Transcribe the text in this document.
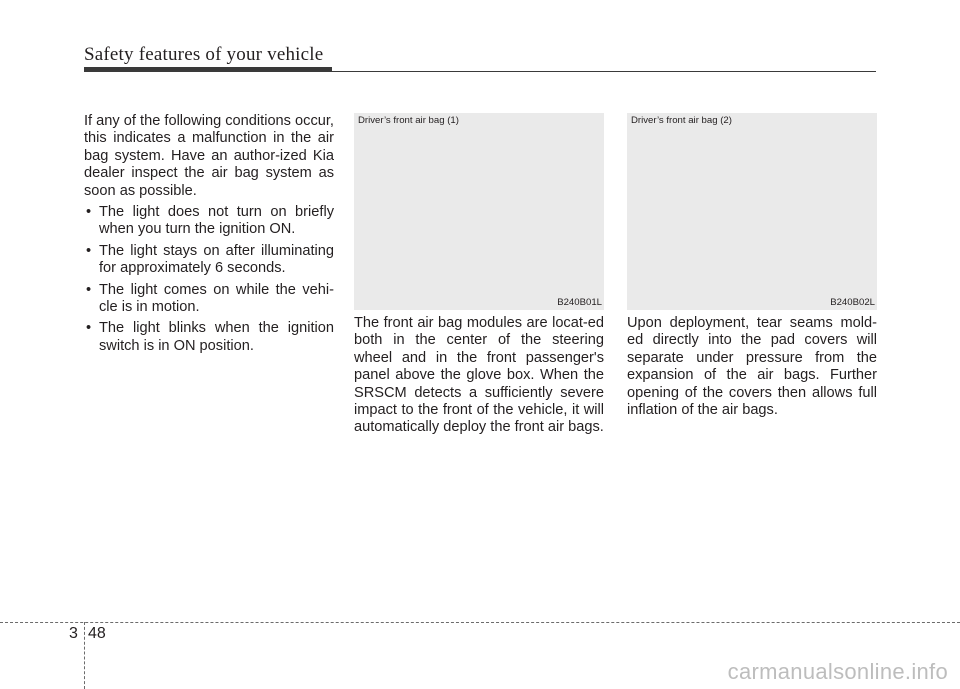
Safety features of your vehicle

If any of the following conditions occur, this indicates a malfunction in the air bag system. Have an author-ized Kia dealer inspect the air bag system as soon as possible.

• The light does not turn on briefly when you turn the ignition ON.
• The light stays on after illuminating for approximately 6 seconds.
• The light comes on while the vehi-cle is in motion.
• The light blinks when the ignition switch is in ON position.
Driver’s front air bag (1)
B240B01L
Driver’s front air bag (2)
B240B02L

The front air bag modules are locat-ed both in the center of the steering wheel and in the front passenger's panel above the glove box. When the SRSCM detects a sufficiently severe impact to the front of the vehicle, it will automatically deploy the front air bags.

Upon deployment, tear seams mold-ed directly into the pad covers will separate under pressure from the expansion of the air bags. Further opening of the covers then allows full inflation of the air bags.

3 48
carmanualsonline.info
